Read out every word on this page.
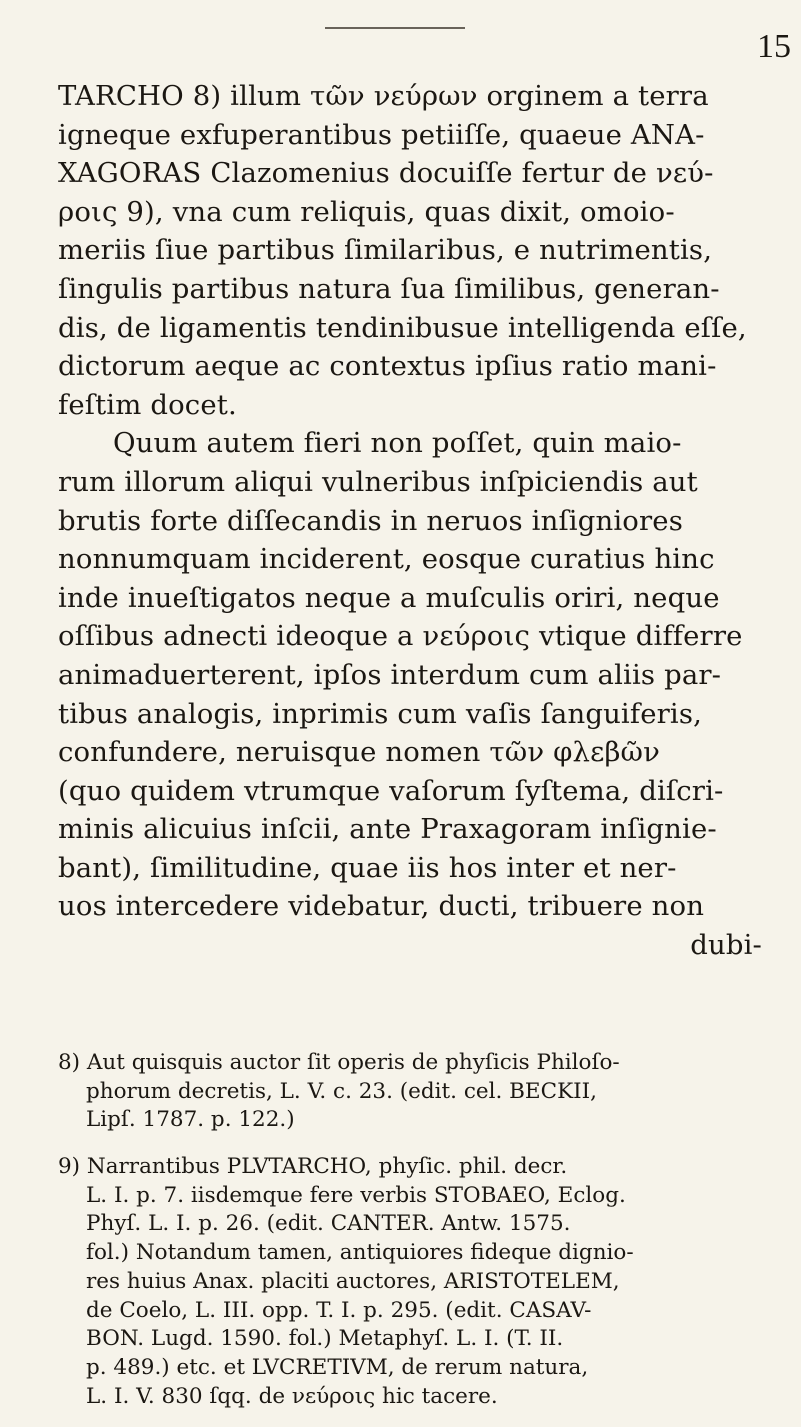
15
TARCHO 8) illum τῶν νεύρων orginem a terra
igneque exfuperantibus petiiſſe, quaeue ANA-
XAGORAS Clazomenius docuiſſe fertur de νεύ-
ροις 9), vna cum reliquis, quas dixit, omoio-
meriis ſiue partibus ſimilaribus, e nutrimentis,
ſingulis partibus natura ſua ſimilibus, generan-
dis, de ligamentis tendinibusue intelligenda eſſe,
dictorum aeque ac contextus ipſius ratio mani-
feſtim docet.
Quum autem fieri non poſſet, quin maio-
rum illorum aliqui vulneribus inſpiciendis aut
brutis forte diſſecandis in neruos inſigniores
nonnumquam inciderent, eosque curatius hinc
inde inueſtigatos neque a muſculis oriri, neque
oſſibus adnecti ideoque a νεύροις vtique differre
animaduerterent, ipſos interdum cum aliis par-
tibus analogis, inprimis cum vaſis ſanguiferis,
confundere, neruisque nomen τῶν φλεβῶν
(quo quidem vtrumque vaſorum ſyſtema, diſcri-
minis alicuius inſcii, ante Praxagoram inſignie-
bant), ſimilitudine, quae iis hos inter et ner-
uos intercedere videbatur, ducti, tribuere non
dubi-
8) Aut quisquis auctor ſit operis de phyſicis Philoſo-
phorum decretis, L. V. c. 23. (edit. cel. BECKII,
Lipſ. 1787. p. 122.)
9) Narrantibus PLVTARCHO, phyſic. phil. decr.
L. I. p. 7. iisdemque fere verbis STOBAEO, Eclog.
Phyſ. L. I. p. 26. (edit. CANTER. Antw. 1575.
fol.) Notandum tamen, antiquiores fideque dignio-
res huius Anax. placiti auctores, ARISTOTELEM,
de Coelo, L. III. opp. T. I. p. 295. (edit. CASAV-
BON. Lugd. 1590. fol.) Metaphyſ. L. I. (T. II.
p. 489.) etc. et LVCRETIVM, de rerum natura,
L. I. V. 830 ſqq. de νεύροις hic tacere.
